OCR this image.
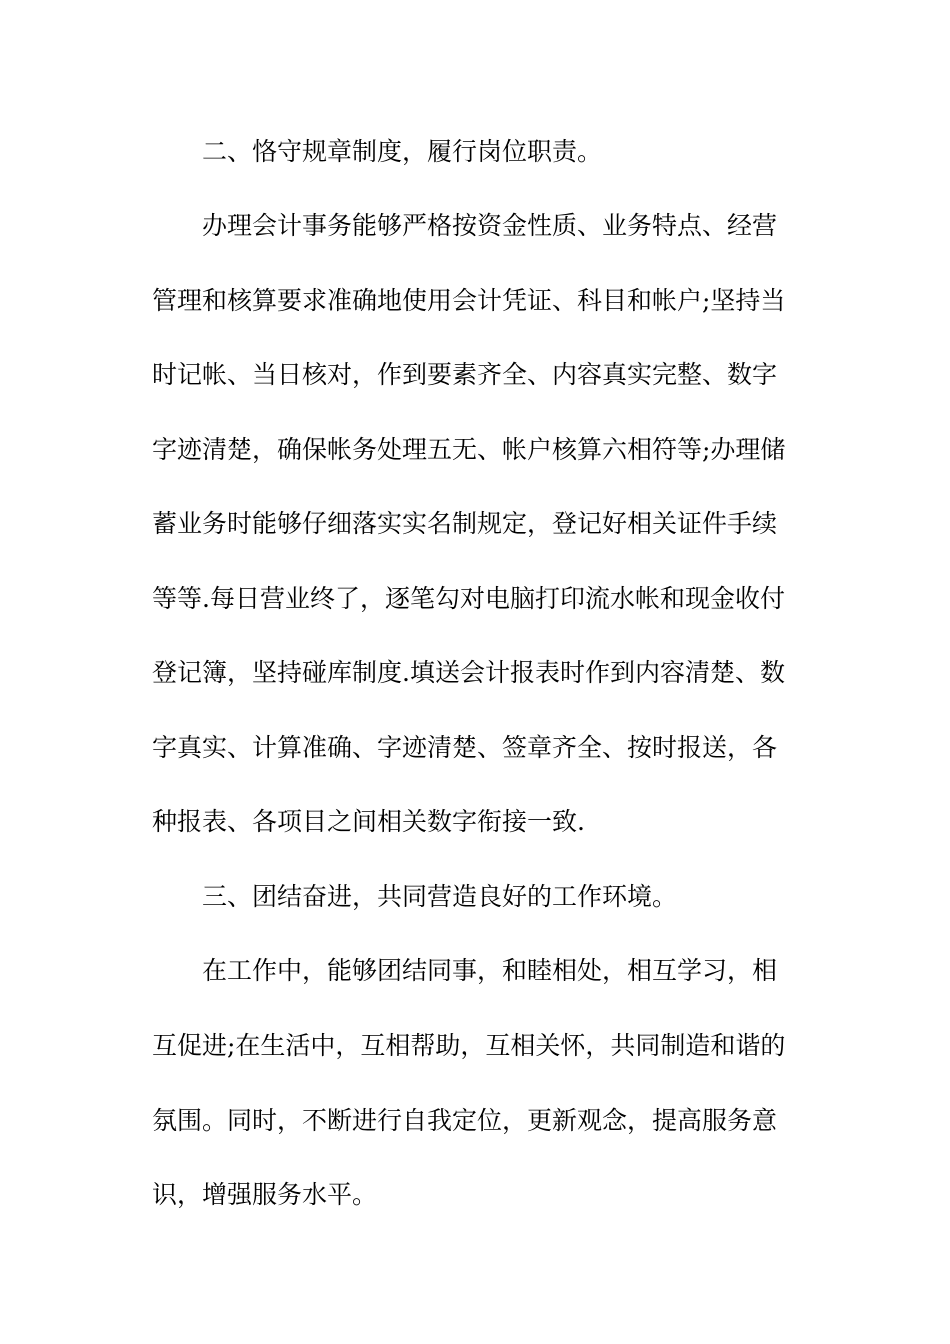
二、恪守规章制度，履行岗位职责。
办理会计事务能够严格按资金性质、业务特点、经营
管理和核算要求准确地使用会计凭证、科目和帐户;坚持当
时记帐、当日核对，作到要素齐全、内容真实完整、数字
字迹清楚，确保帐务处理五无、帐户核算六相符等;办理储
蓄业务时能够仔细落实实名制规定，登记好相关证件手续
等等.每日营业终了，逐笔勾对电脑打印流水帐和现金收付
登记簿，坚持碰库制度.填送会计报表时作到内容清楚、数
字真实、计算准确、字迹清楚、签章齐全、按时报送，各
种报表、各项目之间相关数字衔接一致.
三、团结奋进，共同营造良好的工作环境。
在工作中，能够团结同事，和睦相处，相互学习，相
互促进;在生活中，互相帮助，互相关怀，共同制造和谐的
氛围。同时，不断进行自我定位，更新观念，提高服务意
识，增强服务水平。
